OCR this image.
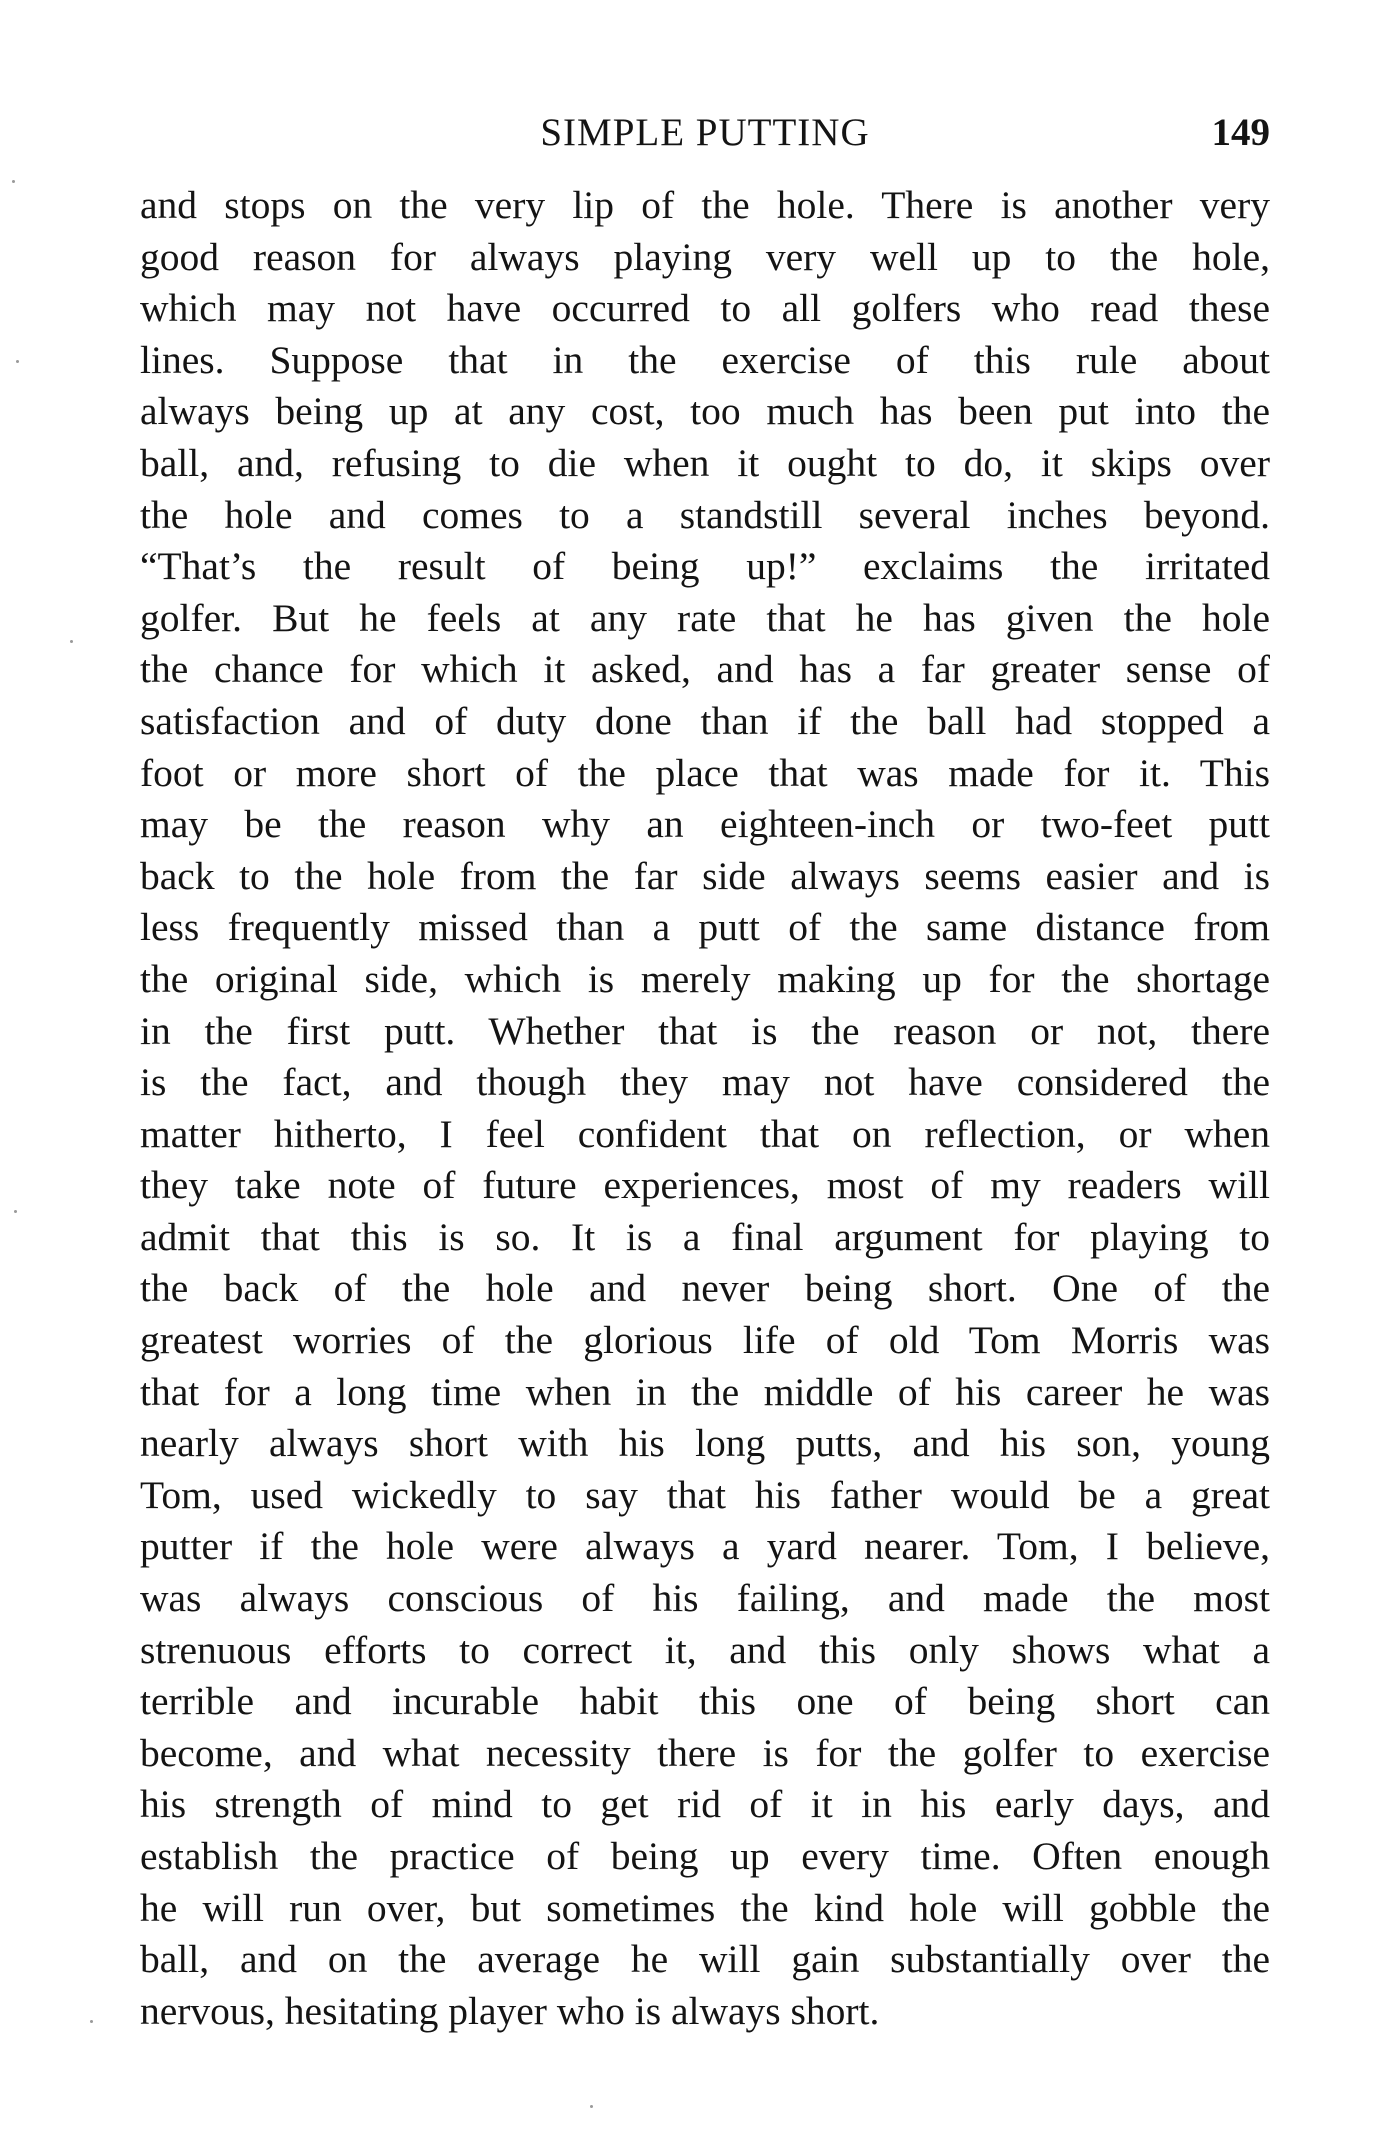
SIMPLE PUTTING	149
and stops on the very lip of the hole. There is another very
good reason for always playing very well up to the hole,
which may not have occurred to all golfers who read these
lines. Suppose that in the exercise of this rule about
always being up at any cost, too much has been put into the
ball, and, refusing to die when it ought to do, it skips over
the hole and comes to a standstill several inches beyond.
“That’s the result of being up!” exclaims the irritated
golfer. But he feels at any rate that he has given the hole
the chance for which it asked, and has a far greater sense of
satisfaction and of duty done than if the ball had stopped a
foot or more short of the place that was made for it. This
may be the reason why an eighteen-inch or two-feet putt
back to the hole from the far side always seems easier and is
less frequently missed than a putt of the same distance from
the original side, which is merely making up for the shortage
in the first putt. Whether that is the reason or not, there
is the fact, and though they may not have considered the
matter hitherto, I feel confident that on reflection, or when
they take note of future experiences, most of my readers will
admit that this is so. It is a final argument for playing to
the back of the hole and never being short. One of the
greatest worries of the glorious life of old Tom Morris was
that for a long time when in the middle of his career he was
nearly always short with his long putts, and his son, young
Tom, used wickedly to say that his father would be a great
putter if the hole were always a yard nearer. Tom, I believe,
was always conscious of his failing, and made the most
strenuous efforts to correct it, and this only shows what a
terrible and incurable habit this one of being short can
become, and what necessity there is for the golfer to exercise
his strength of mind to get rid of it in his early days, and
establish the practice of being up every time. Often enough
he will run over, but sometimes the kind hole will gobble the
ball, and on the average he will gain substantially over the
nervous, hesitating player who is always short.
